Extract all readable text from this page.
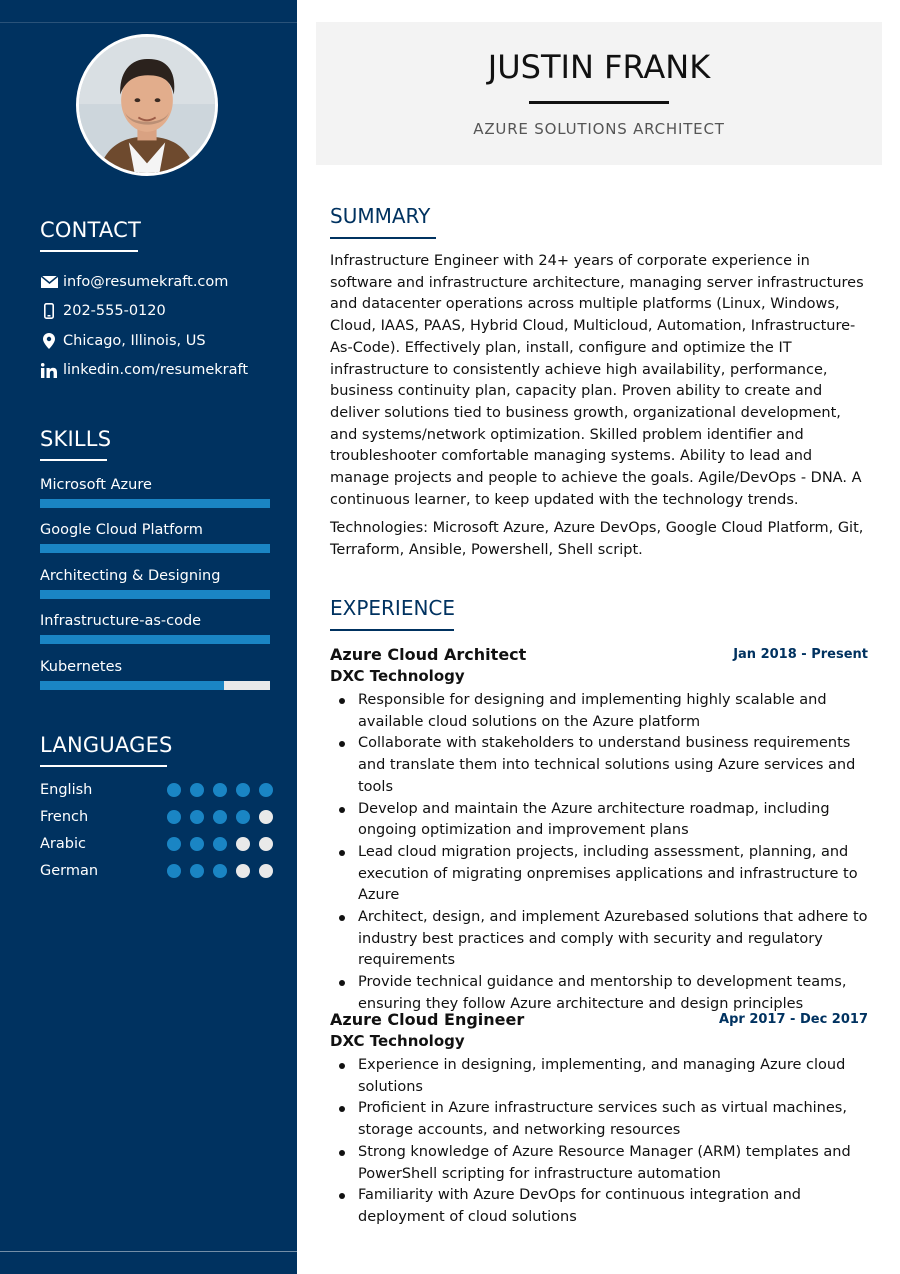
CONTACT
info@resumekraft.com
202-555-0120
Chicago, Illinois, US
linkedin.com/resumekraft
SKILLS
Microsoft Azure
Google Cloud Platform
Architecting & Designing
Infrastructure-as-code
Kubernetes
LANGUAGES
English
French
Arabic
German
JUSTIN FRANK
AZURE SOLUTIONS ARCHITECT
SUMMARY
Infrastructure Engineer with 24+ years of corporate experience in software and infrastructure architecture, managing server infrastructures and datacenter operations across multiple platforms (Linux, Windows, Cloud, IAAS, PAAS, Hybrid Cloud, Multicloud, Automation, Infrastructure-As-Code). Effectively plan, install, configure and optimize the IT infrastructure to consistently achieve high availability, performance, business continuity plan, capacity plan. Proven ability to create and deliver solutions tied to business growth, organizational development, and systems/network optimization. Skilled problem identifier and troubleshooter comfortable managing systems. Ability to lead and manage projects and people to achieve the goals. Agile/DevOps - DNA. A continuous learner, to keep updated with the technology trends.
Technologies: Microsoft Azure, Azure DevOps, Google Cloud Platform, Git, Terraform, Ansible, Powershell, Shell script.
EXPERIENCE
Azure Cloud Architect	Jan 2018 - Present
DXC Technology
Responsible for designing and implementing highly scalable and available cloud solutions on the Azure platform
Collaborate with stakeholders to understand business requirements and translate them into technical solutions using Azure services and tools
Develop and maintain the Azure architecture roadmap, including ongoing optimization and improvement plans
Lead cloud migration projects, including assessment, planning, and execution of migrating onpremises applications and infrastructure to Azure
Architect, design, and implement Azurebased solutions that adhere to industry best practices and comply with security and regulatory requirements
Provide technical guidance and mentorship to development teams, ensuring they follow Azure architecture and design principles
Azure Cloud Engineer	Apr 2017 - Dec 2017
DXC Technology
Experience in designing, implementing, and managing Azure cloud solutions
Proficient in Azure infrastructure services such as virtual machines, storage accounts, and networking resources
Strong knowledge of Azure Resource Manager (ARM) templates and PowerShell scripting for infrastructure automation
Familiarity with Azure DevOps for continuous integration and deployment of cloud solutions
